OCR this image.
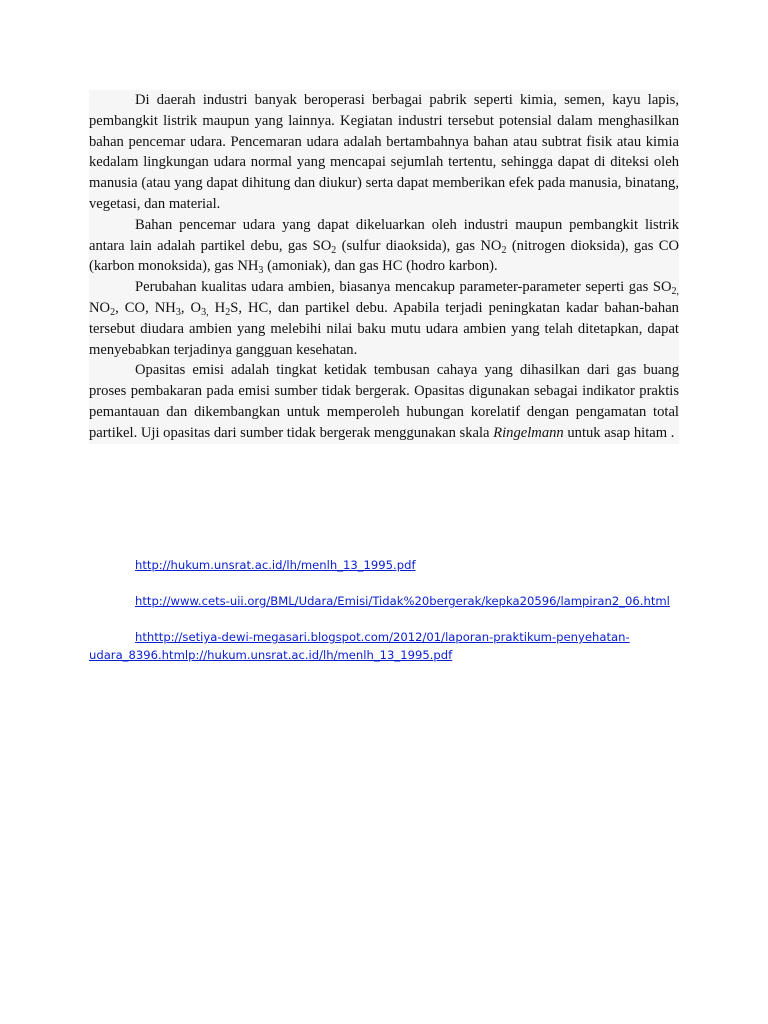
Di daerah industri banyak beroperasi berbagai pabrik seperti kimia, semen, kayu lapis, pembangkit listrik maupun yang lainnya. Kegiatan industri tersebut potensial dalam menghasilkan bahan pencemar udara. Pencemaran udara adalah bertambahnya bahan atau subtrat fisik atau kimia kedalam lingkungan udara normal yang mencapai sejumlah tertentu, sehingga dapat di diteksi oleh manusia (atau yang dapat dihitung dan diukur) serta dapat memberikan efek pada manusia, binatang, vegetasi, dan material.

Bahan pencemar udara yang dapat dikeluarkan oleh industri maupun pembangkit listrik antara lain adalah partikel debu, gas $SO_2$ (sulfur diaoksida), gas $NO_2$ (nitrogen dioksida), gas CO (karbon monoksida), gas $NH_3$ (amoniak), dan gas HC (hodro karbon).

Perubahan kualitas udara ambien, biasanya mencakup parameter-parameter seperti gas $SO_{2,}$ $NO_2$, CO, $NH_3$, $O_{3,}$ $H_2S$, HC, dan partikel debu. Apabila terjadi peningkatan kadar bahan-bahan tersebut diudara ambien yang melebihi nilai baku mutu udara ambien yang telah ditetapkan, dapat menyebabkan terjadinya gangguan kesehatan.

Opasitas emisi adalah tingkat ketidak tembusan cahaya yang dihasilkan dari gas buang proses pembakaran pada emisi sumber tidak bergerak. Opasitas digunakan sebagai indikator praktis pemantauan dan dikembangkan untuk memperoleh hubungan korelatif dengan pengamatan total partikel. Uji opasitas dari sumber tidak bergerak menggunakan skala Ringelmann untuk asap hitam .

http://hukum.unsrat.ac.id/lh/menlh_13_1995.pdf
http://www.cets-uii.org/BML/Udara/Emisi/Tidak%20bergerak/kepka20596/lampiran2_06.html
hthttp://setiya-dewi-megasari.blogspot.com/2012/01/laporan-praktikum-penyehatan-
udara_8396.htmlp://hukum.unsrat.ac.id/lh/menlh_13_1995.pdf
